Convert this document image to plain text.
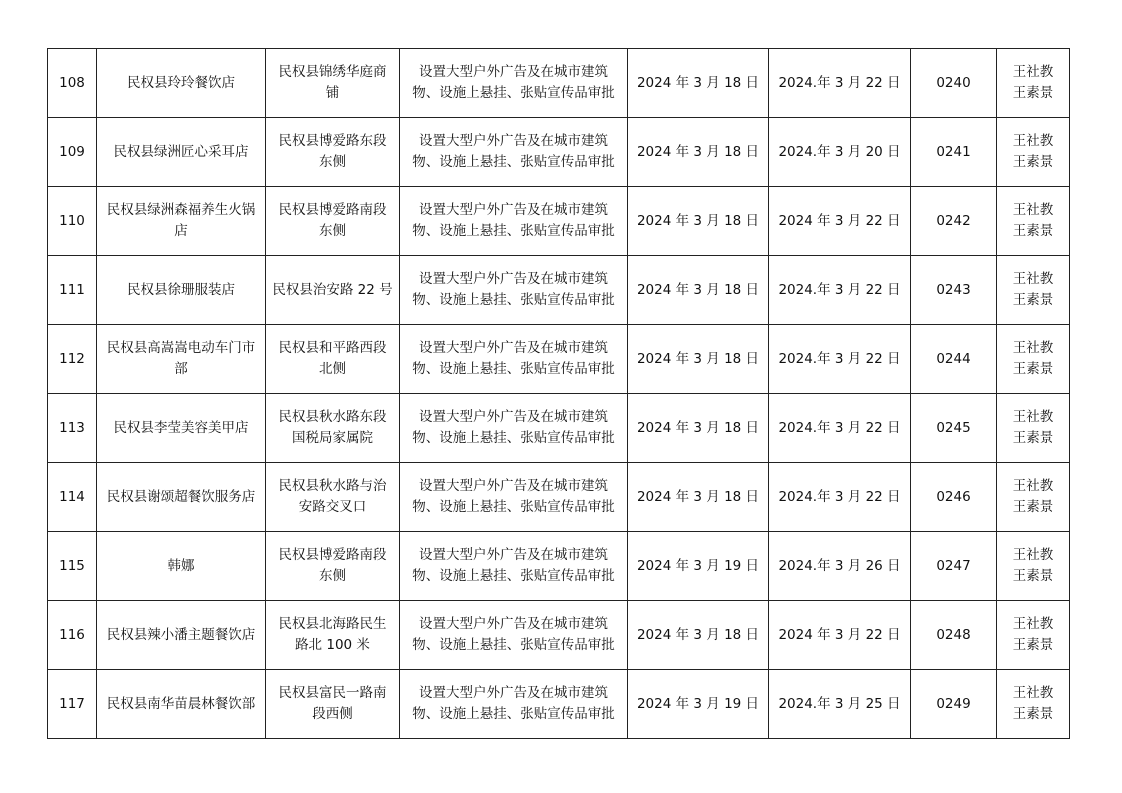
108	民权县玲玲餐饮店	民权县锦绣华庭商铺	设置大型户外广告及在城市建筑
物、设施上悬挂、张贴宣传品审批	2024 年 3 月 18 日	2024.年 3 月 22 日	0240	王社教
王素景

109	民权县绿洲匠心采耳店	民权县博爱路东段东侧	设置大型户外广告及在城市建筑
物、设施上悬挂、张贴宣传品审批	2024 年 3 月 18 日	2024.年 3 月 20 日	0241	王社教
王素景

110	民权县绿洲森福养生火锅店	民权县博爱路南段东侧	设置大型户外广告及在城市建筑
物、设施上悬挂、张贴宣传品审批	2024 年 3 月 18 日	2024 年 3 月 22 日	0242	王社教
王素景

111	民权县徐珊服装店	民权县治安路 22 号	设置大型户外广告及在城市建筑
物、设施上悬挂、张贴宣传品审批	2024 年 3 月 18 日	2024.年 3 月 22 日	0243	王社教
王素景

112	民权县高嵩嵩电动车门市部	民权县和平路西段北侧	设置大型户外广告及在城市建筑
物、设施上悬挂、张贴宣传品审批	2024 年 3 月 18 日	2024.年 3 月 22 日	0244	王社教
王素景

113	民权县李莹美容美甲店	民权县秋水路东段国税局家属院	设置大型户外广告及在城市建筑
物、设施上悬挂、张贴宣传品审批	2024 年 3 月 18 日	2024.年 3 月 22 日	0245	王社教
王素景

114	民权县谢颂超餐饮服务店	民权县秋水路与治安路交叉口	设置大型户外广告及在城市建筑
物、设施上悬挂、张贴宣传品审批	2024 年 3 月 18 日	2024.年 3 月 22 日	0246	王社教
王素景

115	韩娜	民权县博爱路南段东侧	设置大型户外广告及在城市建筑
物、设施上悬挂、张贴宣传品审批	2024 年 3 月 19 日	2024.年 3 月 26 日	0247	王社教
王素景

116	民权县辣小潘主题餐饮店	民权县北海路民生路北 100 米	设置大型户外广告及在城市建筑
物、设施上悬挂、张贴宣传品审批	2024 年 3 月 18 日	2024 年 3 月 22 日	0248	王社教
王素景

117	民权县南华苗晨林餐饮部	民权县富民一路南段西侧	设置大型户外广告及在城市建筑
物、设施上悬挂、张贴宣传品审批	2024 年 3 月 19 日	2024.年 3 月 25 日	0249	王社教
王素景
